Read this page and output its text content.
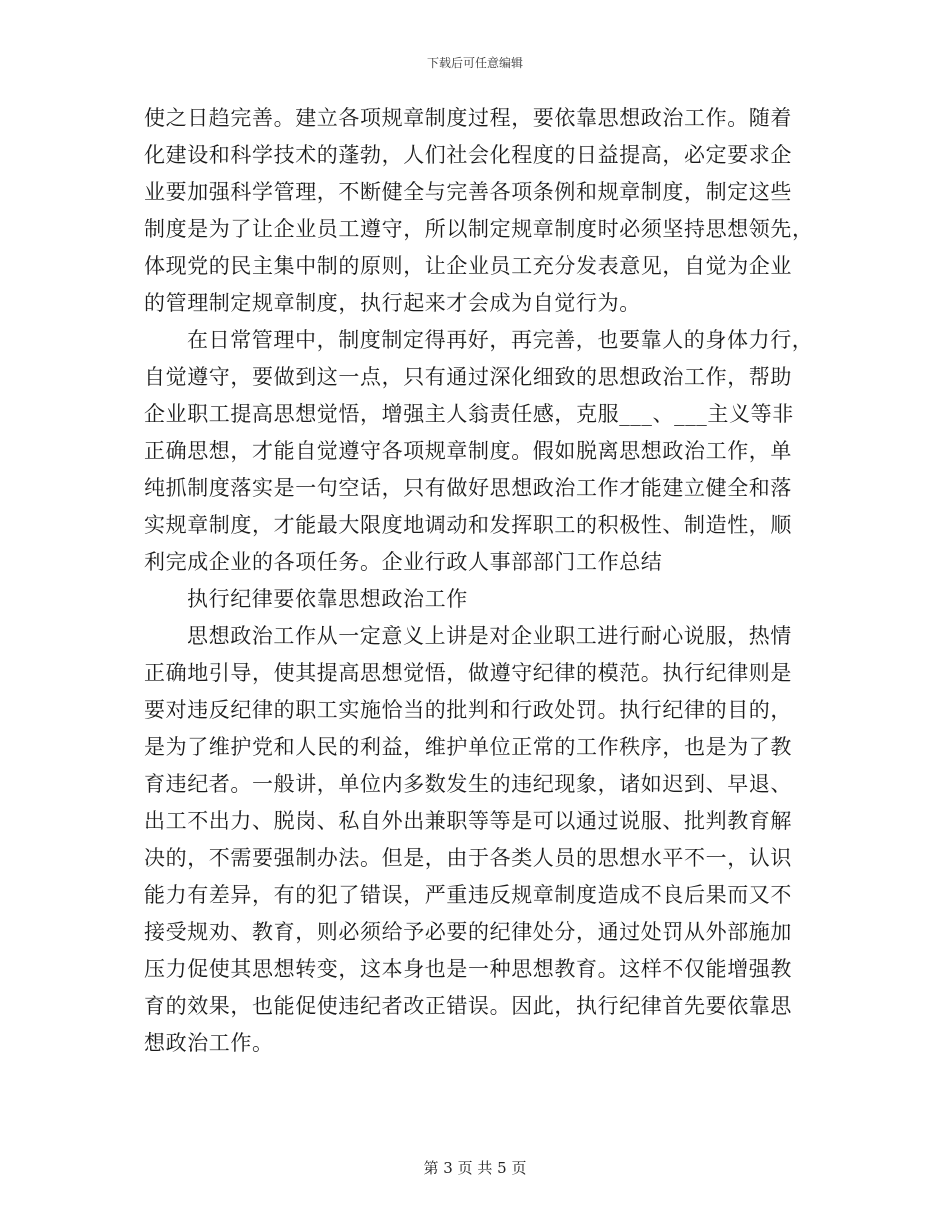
下载后可任意编辑
使之日趋完善。建立各项规章制度过程，要依靠思想政治工作。随着
化建设和科学技术的蓬勃，人们社会化程度的日益提高，必定要求企
业要加强科学管理，不断健全与完善各项条例和规章制度，制定这些
制度是为了让企业员工遵守，所以制定规章制度时必须坚持思想领先，
体现党的民主集中制的原则，让企业员工充分发表意见，自觉为企业
的管理制定规章制度，执行起来才会成为自觉行为。
在日常管理中，制度制定得再好，再完善，也要靠人的身体力行，
自觉遵守，要做到这一点，只有通过深化细致的思想政治工作，帮助
企业职工提高思想觉悟，增强主人翁责任感，克服___、___主义等非
正确思想，才能自觉遵守各项规章制度。假如脱离思想政治工作，单
纯抓制度落实是一句空话，只有做好思想政治工作才能建立健全和落
实规章制度，才能最大限度地调动和发挥职工的积极性、制造性，顺
利完成企业的各项任务。企业行政人事部部门工作总结
执行纪律要依靠思想政治工作
思想政治工作从一定意义上讲是对企业职工进行耐心说服，热情
正确地引导，使其提高思想觉悟，做遵守纪律的模范。执行纪律则是
要对违反纪律的职工实施恰当的批判和行政处罚。执行纪律的目的，
是为了维护党和人民的利益，维护单位正常的工作秩序，也是为了教
育违纪者。一般讲，单位内多数发生的违纪现象，诸如迟到、早退、
出工不出力、脱岗、私自外出兼职等等是可以通过说服、批判教育解
决的，不需要强制办法。但是，由于各类人员的思想水平不一，认识
能力有差异，有的犯了错误，严重违反规章制度造成不良后果而又不
接受规劝、教育，则必须给予必要的纪律处分，通过处罚从外部施加
压力促使其思想转变，这本身也是一种思想教育。这样不仅能增强教
育的效果，也能促使违纪者改正错误。因此，执行纪律首先要依靠思
想政治工作。
第 3 页 共 5 页
